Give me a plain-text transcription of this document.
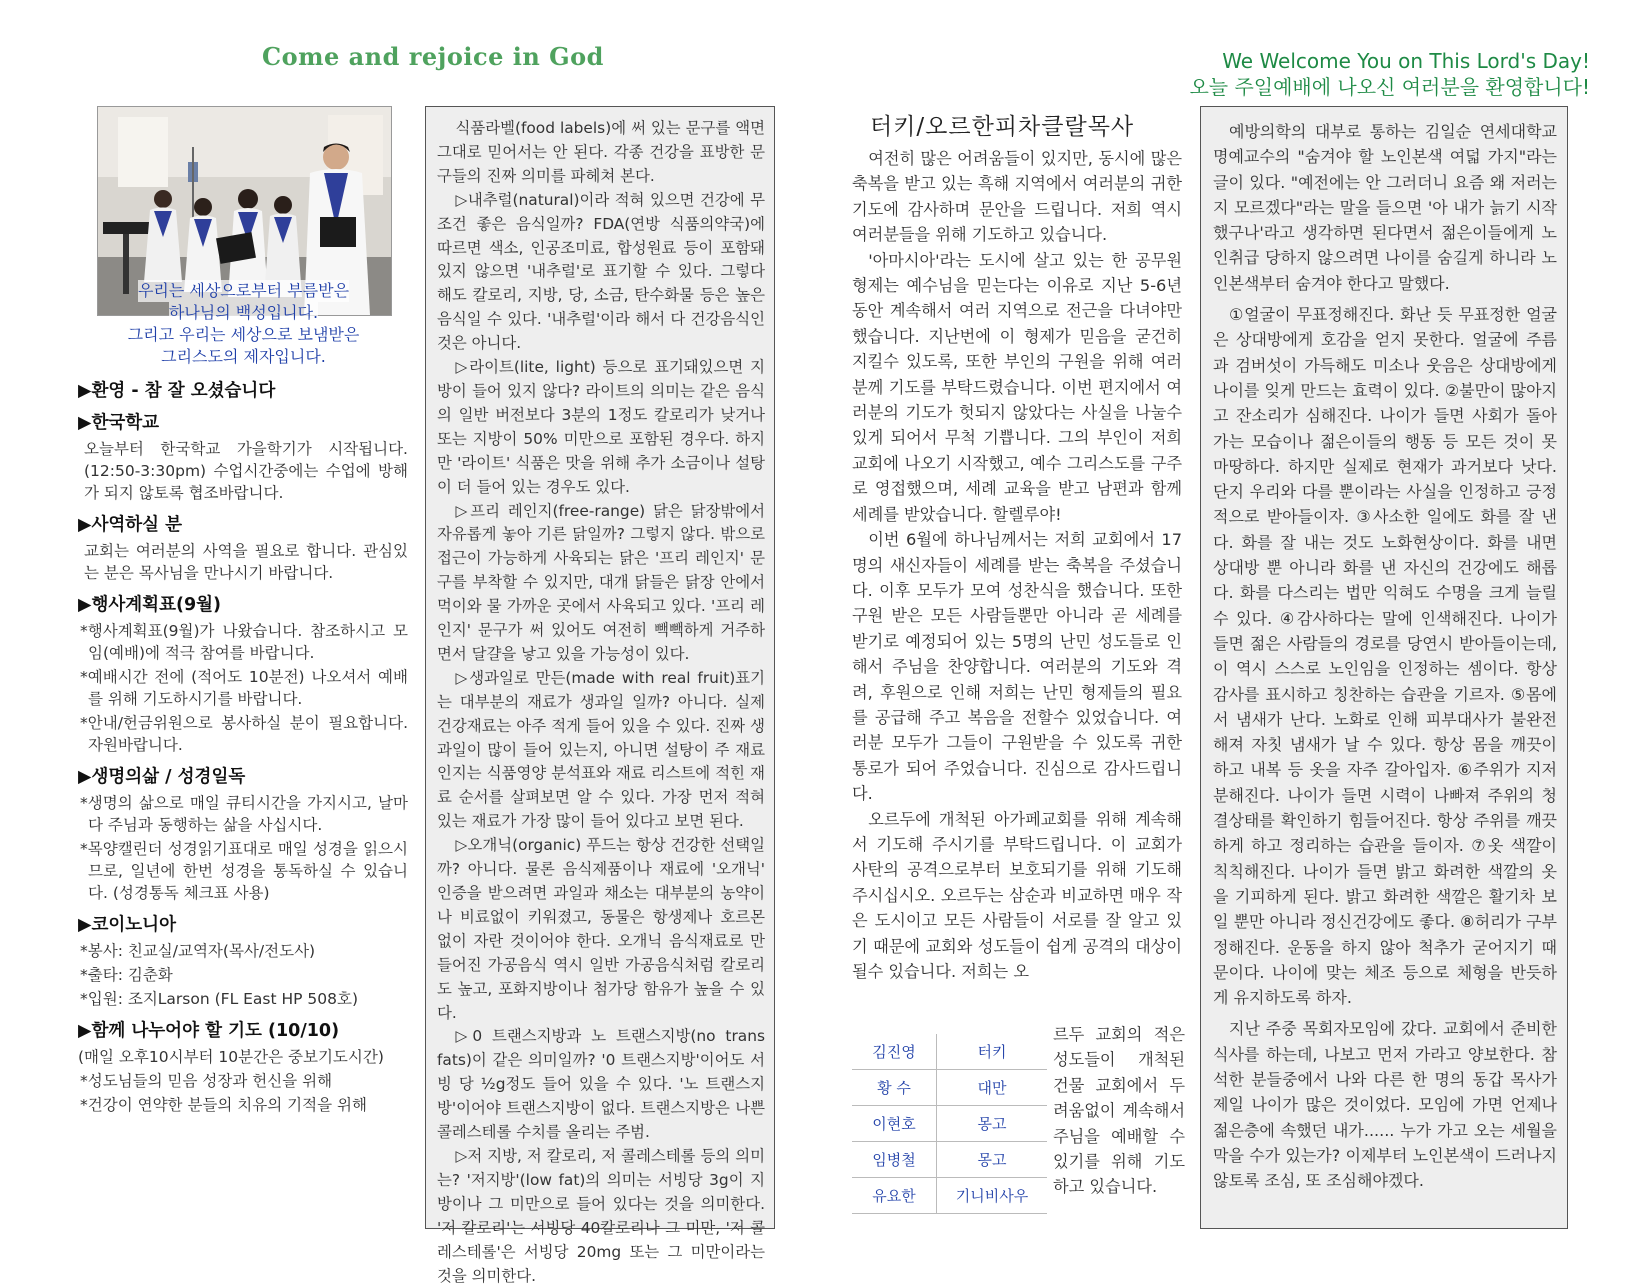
Come and rejoice in God	We Welcome You on This Lord's Day!
오늘 주일예배에 나오신 여러분을 환영합니다!
우리는 세상으로부터 부름받은
하나님의 백성입니다.
그리고 우리는 세상으로 보냄받은
그리스도의 제자입니다.
▶환영 - 참 잘 오셨습니다
▶한국학교

오늘부터 한국학교 가을학기가 시작됩니다. (12:50-3:30pm) 수업시간중에는 수업에 방해가 되지 않토록 협조바랍니다.

▶사역하실 분

교회는 여러분의 사역을 필요로 합니다. 관심있는 분은 목사님을 만나시기 바랍니다.

▶행사계획표(9월)

*행사계획표(9월)가 나왔습니다. 참조하시고 모임(예배)에 적극 참여를 바랍니다.

*예배시간 전에 (적어도 10분전) 나오셔서 예배를 위해 기도하시기를 바랍니다.

*안내/헌금위원으로 봉사하실 분이 필요합니다. 자원바랍니다.

▶생명의삶 / 성경일독

*생명의 삶으로 매일 큐티시간을 가지시고, 날마다 주님과 동행하는 삶을 사십시다.

*목양캘린더 성경읽기표대로 매일 성경을 읽으시므로, 일년에 한번 성경을 통독하실 수 있습니다. (성경통독 체크표 사용)

▶코이노니아

*봉사: 친교실/교역자(목사/전도사)

*출타: 김춘화

*입원: 조지Larson (FL East HP 508호)

▶함께 나누어야 할 기도 (10/10)

(매일 오후10시부터 10분간은 중보기도시간)

*성도님들의 믿음 성장과 헌신을 위해

*건강이 연약한 분들의 치유의 기적을 위해

식품라벨(food labels)에 써 있는 문구를 액면 그대로 믿어서는 안 된다. 각종 건강을 표방한 문구들의 진짜 의미를 파헤쳐 본다.

▷내추럴(natural)이라 적혀 있으면 건강에 무조건 좋은 음식일까? FDA(연방 식품의약국)에 따르면 색소, 인공조미료, 합성원료 등이 포함돼 있지 않으면 '내추럴'로 표기할 수 있다. 그렇다 해도 칼로리, 지방, 당, 소금, 탄수화물 등은 높은 음식일 수 있다. '내추럴'이라 해서 다 건강음식인 것은 아니다.

▷라이트(lite, light) 등으로 표기돼있으면 지방이 들어 있지 않다? 라이트의 의미는 같은 음식의 일반 버전보다 3분의 1정도 칼로리가 낮거나 또는 지방이 50% 미만으로 포함된 경우다. 하지만 '라이트' 식품은 맛을 위해 추가 소금이나 설탕이 더 들어 있는 경우도 있다.

▷프리 레인지(free-range) 닭은 닭장밖에서 자유롭게 놓아 기른 닭일까? 그렇지 않다. 밖으로 접근이 가능하게 사육되는 닭은 '프리 레인지' 문구를 부착할 수 있지만, 대개 닭들은 닭장 안에서 먹이와 물 가까운 곳에서 사육되고 있다. '프리 레인지' 문구가 써 있어도 여전히 빽빽하게 거주하면서 달걀을 낳고 있을 가능성이 있다.

▷생과일로 만든(made with real fruit)표기는 대부분의 재료가 생과일 일까? 아니다. 실제 건강재료는 아주 적게 들어 있을 수 있다. 진짜 생과일이 많이 들어 있는지, 아니면 설탕이 주 재료인지는 식품영양 분석표와 재료 리스트에 적힌 재료 순서를 살펴보면 알 수 있다. 가장 먼저 적혀 있는 재료가 가장 많이 들어 있다고 보면 된다.

▷오개닉(organic) 푸드는 항상 건강한 선택일까? 아니다. 물론 음식제품이나 재료에 '오개닉' 인증을 받으려면 과일과 채소는 대부분의 농약이나 비료없이 키워졌고, 동물은 항생제나 호르몬 없이 자란 것이어야 한다. 오개닉 음식재료로 만들어진 가공음식 역시 일반 가공음식처럼 칼로리도 높고, 포화지방이나 첨가당 함유가 높을 수 있다.

▷0 트랜스지방과 노 트랜스지방(no trans fats)이 같은 의미일까? '0 트랜스지방'이어도 서빙 당 ½g정도 들어 있을 수 있다. '노 트랜스지방'이어야 트랜스지방이 없다. 트랜스지방은 나쁜 콜레스테롤 수치를 올리는 주범.

▷저 지방, 저 칼로리, 저 콜레스테롤 등의 의미는? '저지방'(low fat)의 의미는 서빙당 3g이 지방이나 그 미만으로 들어 있다는 것을 의미한다. '저 칼로리'는 서빙당 40칼로리나 그 미만, '저 콜레스테롤'은 서빙당 20mg 또는 그 미만이라는 것을 의미한다.

터키/오르한피차클랄목사

여전히 많은 어려움들이 있지만, 동시에 많은 축복을 받고 있는 흑해 지역에서 여러분의 귀한 기도에 감사하며 문안을 드립니다. 저희 역시 여러분들을 위해 기도하고 있습니다.

'아마시아'라는 도시에 살고 있는 한 공무원 형제는 예수님을 믿는다는 이유로 지난 5-6년동안 계속해서 여러 지역으로 전근을 다녀야만 했습니다. 지난번에 이 형제가 믿음을 굳건히 지킬수 있도록, 또한 부인의 구원을 위해 여러분께 기도를 부탁드렸습니다. 이번 편지에서 여러분의 기도가 헛되지 않았다는 사실을 나눌수 있게 되어서 무척 기쁩니다. 그의 부인이 저희 교회에 나오기 시작했고, 예수 그리스도를 구주로 영접했으며, 세례 교육을 받고 남편과 함께 세례를 받았습니다. 할렐루야!

이번 6월에 하나님께서는 저희 교회에서 17명의 새신자들이 세례를 받는 축복을 주셨습니다. 이후 모두가 모여 성찬식을 했습니다. 또한 구원 받은 모든 사람들뿐만 아니라 곧 세례를 받기로 예정되어 있는 5명의 난민 성도들로 인해서 주님을 찬양합니다. 여러분의 기도와 격려, 후원으로 인해 저희는 난민 형제들의 필요를 공급해 주고 복음을 전할수 있었습니다. 여러분 모두가 그들이 구원받을 수 있도록 귀한 통로가 되어 주었습니다. 진심으로 감사드립니다.

오르두에 개척된 아가페교회를 위해 계속해서 기도해 주시기를 부탁드립니다. 이 교회가 사탄의 공격으로부터 보호되기를 위해 기도해주시십시오. 오르두는 삼순과 비교하면 매우 작은 도시이고 모든 사람들이 서로를 잘 알고 있기 때문에 교회와 성도들이 쉽게 공격의 대상이 될수 있습니다. 저희는 오

김진영	터키
황 수	대만
이현호	몽고
임병철	몽고
유요한	기니비사우
르두 교회의 적은 성도들이 개척된 건물 교회에서 두려움없이 계속해서 주님을 예배할 수 있기를 위해 기도하고 있습니다.

예방의학의 대부로 통하는 김일순 연세대학교 명예교수의 "숨겨야 할 노인본색 여덟 가지"라는 글이 있다. "예전에는 안 그러더니 요즘 왜 저러는지 모르겠다"라는 말을 들으면 '아 내가 늙기 시작했구나'라고 생각하면 된다면서 젊은이들에게 노인취급 당하지 않으려면 나이를 숨길게 하니라 노인본색부터 숨겨야 한다고 말했다.

①얼굴이 무표정해진다. 화난 듯 무표정한 얼굴은 상대방에게 호감을 얻지 못한다. 얼굴에 주름과 검버섯이 가득해도 미소나 웃음은 상대방에게 나이를 잊게 만드는 효력이 있다. ②불만이 많아지고 잔소리가 심해진다. 나이가 들면 사회가 돌아가는 모습이나 젊은이들의 행동 등 모든 것이 못마땅하다. 하지만 실제로 현재가 과거보다 낫다. 단지 우리와 다를 뿐이라는 사실을 인정하고 긍정적으로 받아들이자. ③사소한 일에도 화를 잘 낸다. 화를 잘 내는 것도 노화현상이다. 화를 내면 상대방 뿐 아니라 화를 낸 자신의 건강에도 해롭다. 화를 다스리는 법만 익혀도 수명을 크게 늘릴 수 있다. ④감사하다는 말에 인색해진다. 나이가 들면 젊은 사람들의 경로를 당연시 받아들이는데, 이 역시 스스로 노인임을 인정하는 셈이다. 항상 감사를 표시하고 칭찬하는 습관을 기르자. ⑤몸에서 냄새가 난다. 노화로 인해 피부대사가 불완전해져 자칫 냄새가 날 수 있다. 항상 몸을 깨끗이 하고 내복 등 옷을 자주 갈아입자. ⑥주위가 지저분해진다. 나이가 들면 시력이 나빠져 주위의 청결상태를 확인하기 힘들어진다. 항상 주위를 깨끗하게 하고 정리하는 습관을 들이자. ⑦옷 색깔이 칙칙해진다. 나이가 들면 밝고 화려한 색깔의 옷을 기피하게 된다. 밝고 화려한 색깔은 활기차 보일 뿐만 아니라 정신건강에도 좋다. ⑧허리가 구부정해진다. 운동을 하지 않아 척추가 굳어지기 때문이다. 나이에 맞는 체조 등으로 체형을 반듯하게 유지하도록 하자.

지난 주중 목회자모임에 갔다. 교회에서 준비한 식사를 하는데, 나보고 먼저 가라고 양보한다. 참석한 분들중에서 나와 다른 한 명의 동갑 목사가 제일 나이가 많은 것이었다. 모임에 가면 언제나 젊은층에 속했던 내가...... 누가 가고 오는 세월을 막을 수가 있는가? 이제부터 노인본색이 드러나지 않토록 조심, 또 조심해야겠다.
